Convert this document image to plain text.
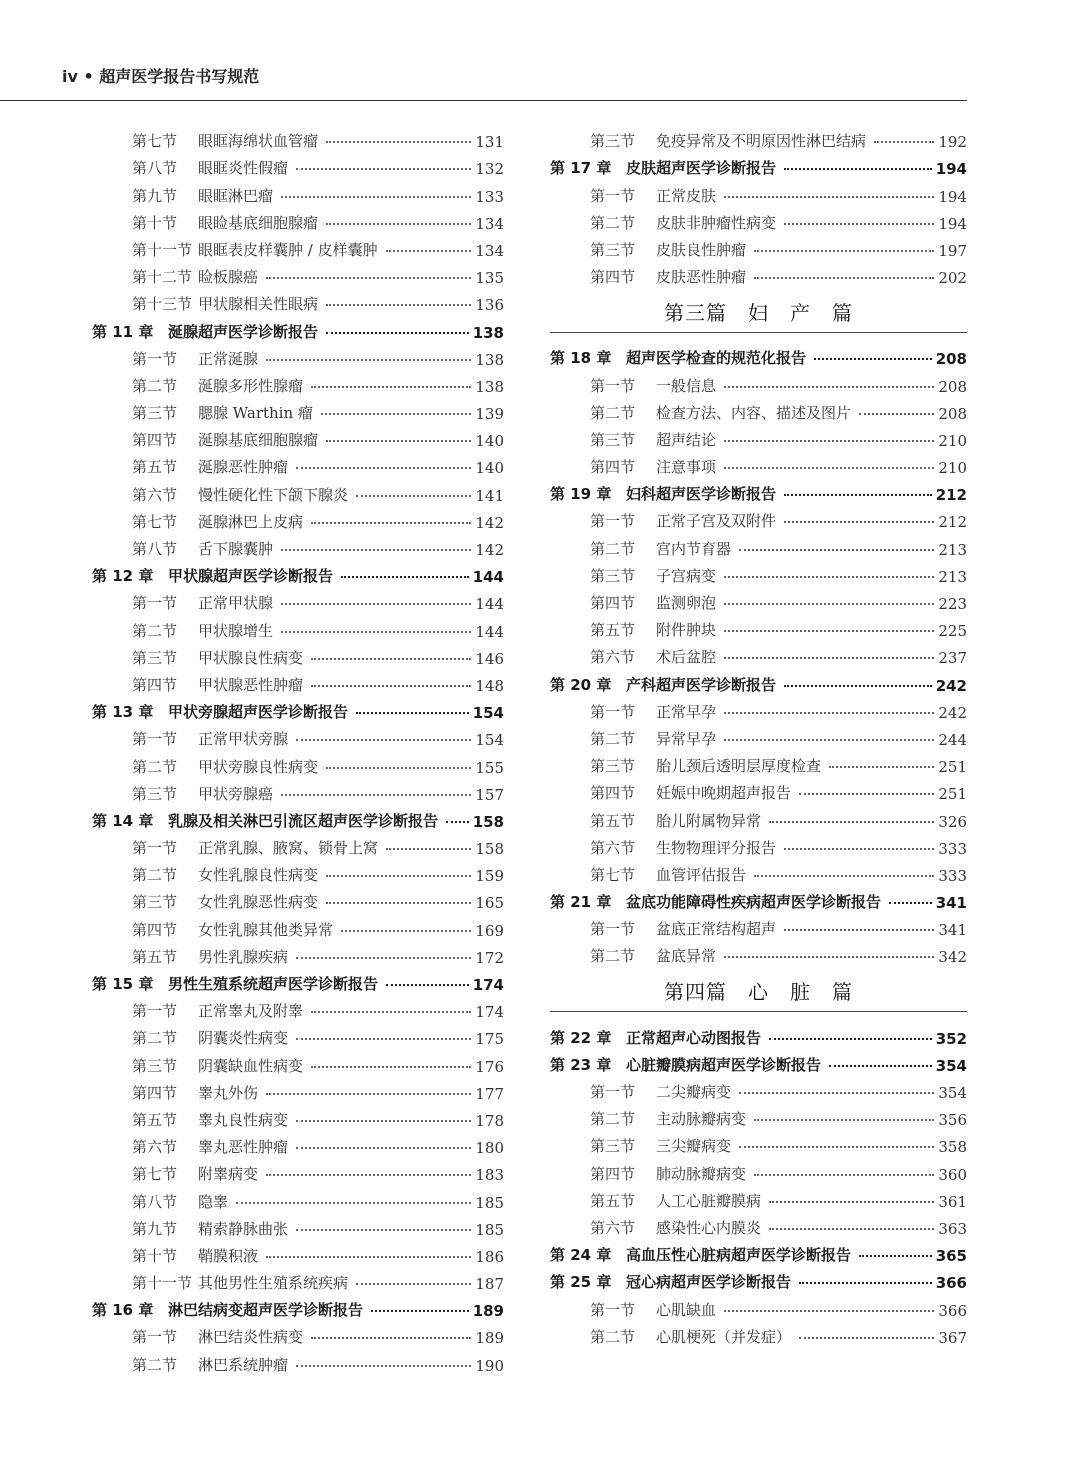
iv • 超声医学报告书写规范
第七节 眼眶海绵状血管瘤	131
第八节 眼眶炎性假瘤	132
第九节 眼眶淋巴瘤	133
第十节 眼睑基底细胞腺瘤	134
第十一节 眼眶表皮样囊肿 / 皮样囊肿	134
第十二节 睑板腺癌	135
第十三节 甲状腺相关性眼病	136
第 11 章 涎腺超声医学诊断报告	138
第一节 正常涎腺	138
第二节 涎腺多形性腺瘤	138
第三节 腮腺 Warthin 瘤	139
第四节 涎腺基底细胞腺瘤	140
第五节 涎腺恶性肿瘤	140
第六节 慢性硬化性下颌下腺炎	141
第七节 涎腺淋巴上皮病	142
第八节 舌下腺囊肿	142
第 12 章 甲状腺超声医学诊断报告	144
第一节 正常甲状腺	144
第二节 甲状腺增生	144
第三节 甲状腺良性病变	146
第四节 甲状腺恶性肿瘤	148
第 13 章 甲状旁腺超声医学诊断报告	154
第一节 正常甲状旁腺	154
第二节 甲状旁腺良性病变	155
第三节 甲状旁腺癌	157
第 14 章 乳腺及相关淋巴引流区超声医学诊断报告 158
第一节 正常乳腺、腋窝、锁骨上窝	158
第二节 女性乳腺良性病变	159
第三节 女性乳腺恶性病变	165
第四节 女性乳腺其他类异常	169
第五节 男性乳腺疾病	172
第 15 章 男性生殖系统超声医学诊断报告	174
第一节 正常睾丸及附睾	174
第二节 阴囊炎性病变	175
第三节 阴囊缺血性病变	176
第四节 睾丸外伤	177
第五节 睾丸良性病变	178
第六节 睾丸恶性肿瘤	180
第七节 附睾病变	183
第八节 隐睾	185
第九节 精索静脉曲张	185
第十节 鞘膜积液	186
第十一节 其他男性生殖系统疾病	187
第 16 章 淋巴结病变超声医学诊断报告	189
第一节 淋巴结炎性病变	189
第二节 淋巴系统肿瘤	190
第三节 免疫异常及不明原因性淋巴结病	192
第 17 章 皮肤超声医学诊断报告	194
第一节 正常皮肤	194
第二节 皮肤非肿瘤性病变	194
第三节 皮肤良性肿瘤	197
第四节 皮肤恶性肿瘤	202
第三篇　妇　产　篇
第 18 章 超声医学检查的规范化报告	208
第一节 一般信息	208
第二节 检查方法、内容、描述及图片	208
第三节 超声结论	210
第四节 注意事项	210
第 19 章 妇科超声医学诊断报告	212
第一节 正常子宫及双附件	212
第二节 宫内节育器	213
第三节 子宫病变	213
第四节 监测卵泡	223
第五节 附件肿块	225
第六节 术后盆腔	237
第 20 章 产科超声医学诊断报告	242
第一节 正常早孕	242
第二节 异常早孕	244
第三节 胎儿颈后透明层厚度检查	251
第四节 妊娠中晚期超声报告	251
第五节 胎儿附属物异常	326
第六节 生物物理评分报告	333
第七节 血管评估报告	333
第 21 章 盆底功能障碍性疾病超声医学诊断报告	341
第一节 盆底正常结构超声	341
第二节 盆底异常	342
第四篇　心　脏　篇
第 22 章 正常超声心动图报告	352
第 23 章 心脏瓣膜病超声医学诊断报告	354
第一节 二尖瓣病变	354
第二节 主动脉瓣病变	356
第三节 三尖瓣病变	358
第四节 肺动脉瓣病变	360
第五节 人工心脏瓣膜病	361
第六节 感染性心内膜炎	363
第 24 章 高血压性心脏病超声医学诊断报告	365
第 25 章 冠心病超声医学诊断报告	366
第一节 心肌缺血	366
第二节 心肌梗死（并发症）	367
